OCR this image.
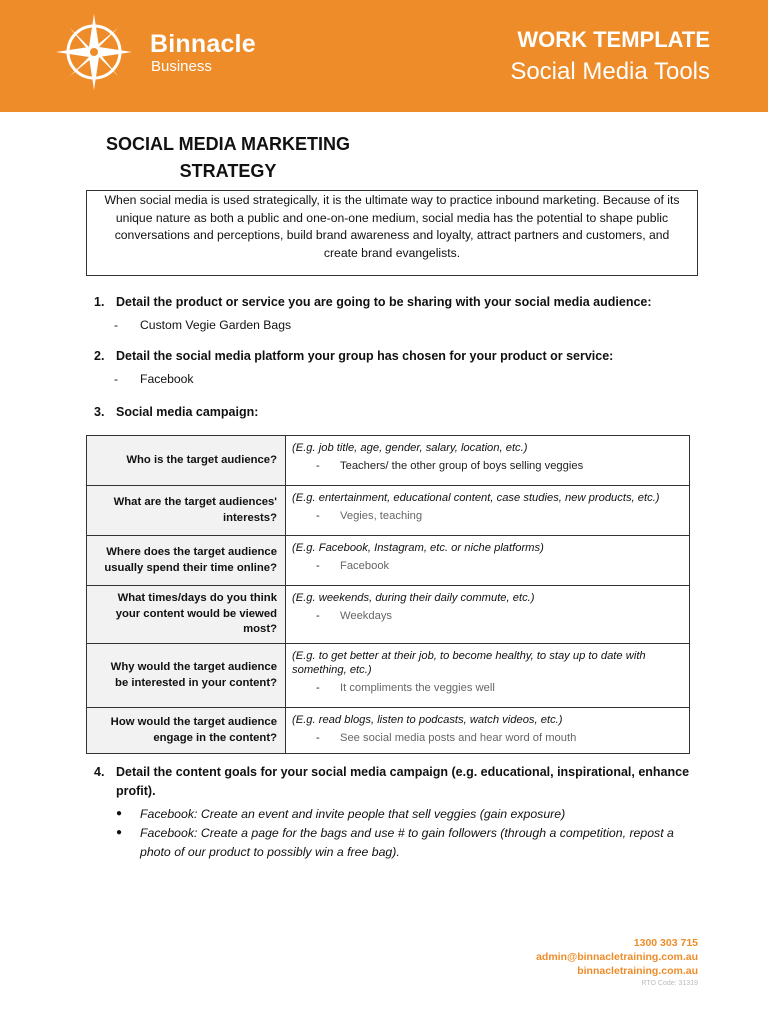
Binnacle
Business
WORK TEMPLATE
Social Media Tools
SOCIAL MEDIA MARKETING
STRATEGY
When social media is used strategically, it is the ultimate way to practice inbound marketing. Because of its unique nature as both a public and one-on-one medium, social media has the potential to shape public conversations and perceptions, build brand awareness and loyalty, attract partners and customers, and create brand evangelists.
1. Detail the product or service you are going to be sharing with your social media audience:
- Custom Vegie Garden Bags
2. Detail the social media platform your group has chosen for your product or service:
- Facebook
3. Social media campaign:
Who is the target audience?	(E.g. job title, age, gender, salary, location, etc.)
- Teachers/ the other group of boys selling veggies

What are the target audiences' interests?	(E.g. entertainment, educational content, case studies, new products, etc.)
- Vegies, teaching

Where does the target audience usually spend their time online?	(E.g. Facebook, Instagram, etc. or niche platforms)
- Facebook

What times/days do you think your content would be viewed most?	(E.g. weekends, during their daily commute, etc.)
- Weekdays

Why would the target audience be interested in your content?	(E.g. to get better at their job, to become healthy, to stay up to date with something, etc.)
- It compliments the veggies well

How would the target audience engage in the content?	(E.g. read blogs, listen to podcasts, watch videos, etc.)
- See social media posts and hear word of mouth
4. Detail the content goals for your social media campaign (e.g. educational, inspirational, enhance profit).
● Facebook: Create an event and invite people that sell veggies (gain exposure)
● Facebook: Create a page for the bags and use # to gain followers (through a competition, repost a photo of our product to possibly win a free bag).
1300 303 715
admin@binnacletraining.com.au
binnacletraining.com.au
RTO Code: 31319
